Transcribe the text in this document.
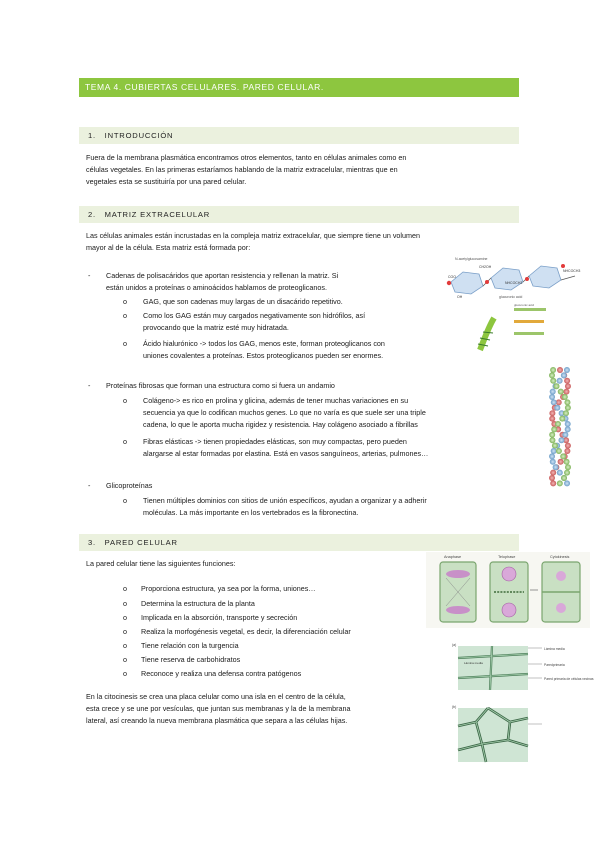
TEMA 4. CUBIERTAS CELULARES. PARED CELULAR.
1. INTRODUCCIÓN
Fuera de la membrana plasmática encontramos otros elementos, tanto en células animales como en
células vegetales. En las primeras estaríamos hablando de la matriz extracelular, mientras que en
vegetales esta se sustituiría por una pared celular.
2. MATRIZ EXTRACELULAR
Las células animales están incrustadas en la compleja matriz extracelular, que siempre tiene un volumen
mayor al de la célula. Esta matriz está formada por:
- Cadenas de polisacáridos que aportan resistencia y rellenan la matriz. Si
están unidos a proteínas o aminoácidos hablamos de proteoglicanos.
o GAG, que son cadenas muy largas de un disacárido repetitivo.
o Como los GAG están muy cargados negativamente son hidrófilos, así
provocando que la matriz esté muy hidratada.
o Ácido hialurónico -> todos los GAG, menos este, forman proteoglicanos con
uniones covalentes a proteínas. Estos proteoglicanos pueden ser enormes.
- Proteínas fibrosas que forman una estructura como si fuera un andamio
o Colágeno-> es rico en prolina y glicina, además de tener muchas variaciones en su
secuencia ya que lo codifican muchos genes. Lo que no varía es que suele ser una triple
cadena, lo que le aporta mucha rigidez y resistencia. Hay colágeno asociado a fibrillas
o Fibras elásticas -> tienen propiedades elásticas, son muy compactas, pero pueden
alargarse al estar formadas por elastina. Está en vasos sanguíneos, arterias, pulmones…
- Glicoproteínas
o Tienen múltiples dominios con sitios de unión específicos, ayudan a organizar y a adherir
moléculas. La más importante en los vertebrados es la fibronectina.
3. PARED CELULAR
La pared celular tiene las siguientes funciones:
o Proporciona estructura, ya sea por la forma, uniones…
o Determina la estructura de la planta
o Implicada en la absorción, transporte y secreción
o Realiza la morfogénesis vegetal, es decir, la diferenciación celular
o Tiene relación con la turgencia
o Tiene reserva de carbohidratos
o Reconoce y realiza una defensa contra patógenos
En la citocinesis se crea una placa celular como una isla en el centro de la célula,
esta crece y se une por vesículas, que juntan sus membranas y la de la membrana
lateral, así creando la nueva membrana plasmática que separa a las células hijas.
N-acetylglucosamine
glucuronic acid
COO
CH2OH
NHCOCH3
NHCOCH3
OH
glucuronic acid
Anaphase	Telophase	Cytokinesis
(a)
Lámina media
Lámina media
Paredprimaria
Pared primaria de células vecinas
(b)
